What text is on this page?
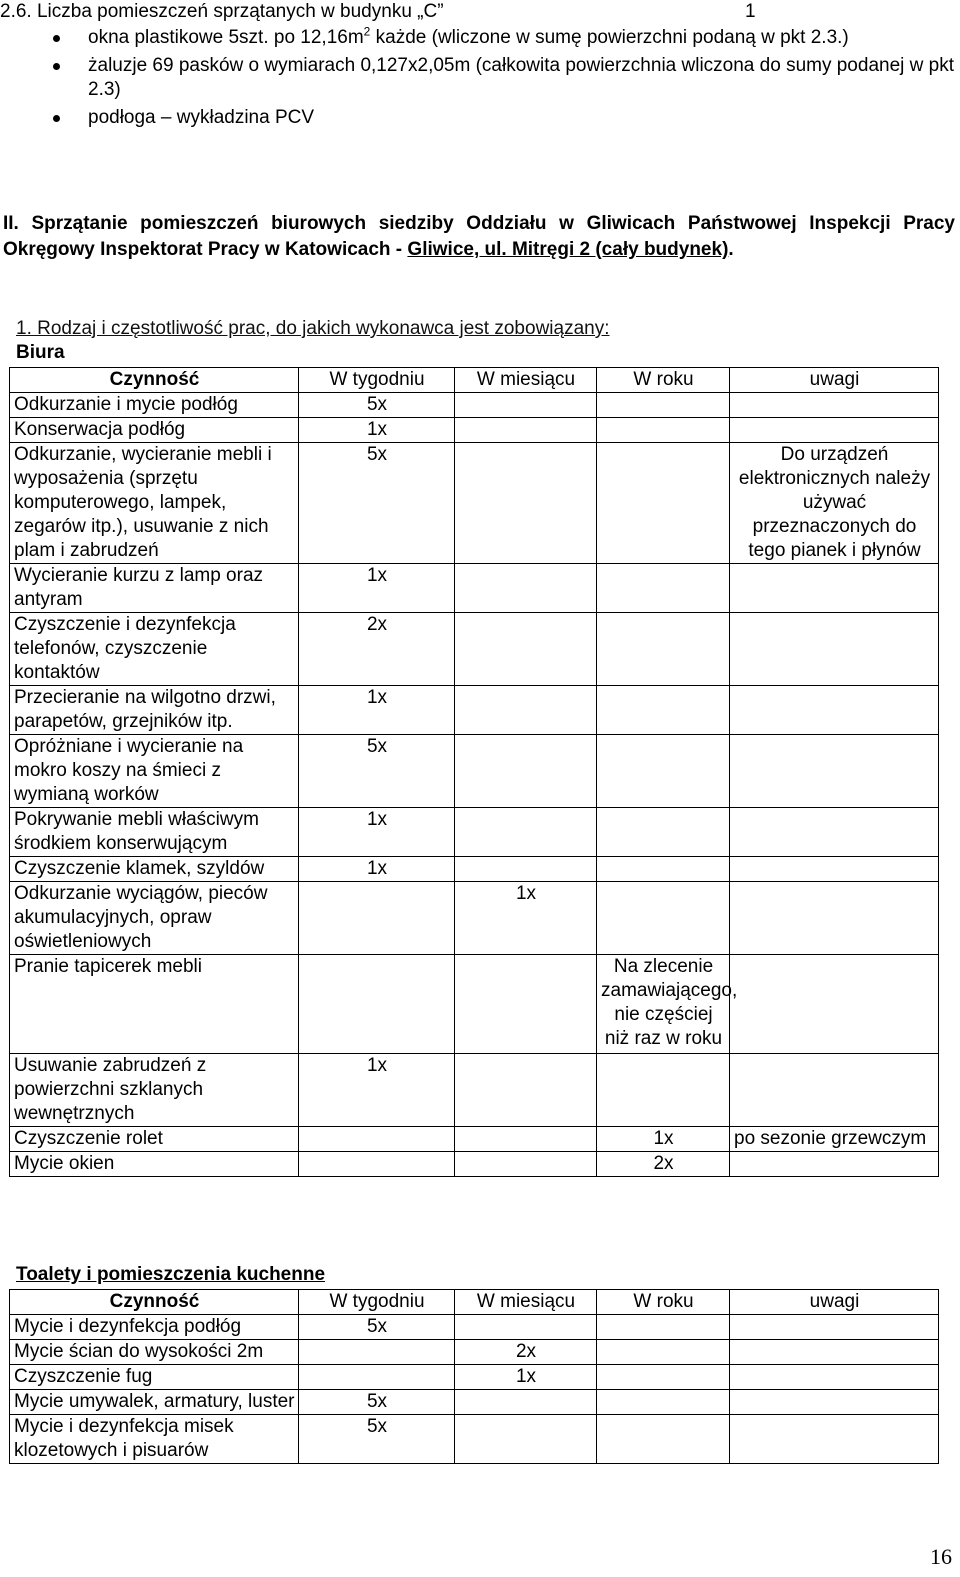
2.6. Liczba pomieszczeń sprzątanych w budynku „C”	1

okna plastikowe 5szt. po $12,16m^2$ każde (wliczone w sumę powierzchni podaną w pkt 2.3.)

żaluzje 69 pasków o wymiarach 0,127x2,05m (całkowita powierzchnia wliczona do sumy podanej w pkt 2.3)

podłoga – wykładzina PCV

II. Sprzątanie pomieszczeń biurowych siedziby Oddziału w Gliwicach Państwowej Inspekcji Pracy Okręgowy Inspektorat Pracy w Katowicach - Gliwice, ul. Mitręgi 2 (cały budynek).
1. Rodzaj i częstotliwość prac, do jakich wykonawca jest zobowiązany:
Biura
Czynność	W tygodniu	W miesiącu	W roku	uwagi
Odkurzanie i mycie podłóg	5x			
Konserwacja podłóg	1x			
Odkurzanie, wycieranie mebli i wyposażenia (sprzętu komputerowego, lampek, zegarów itp.), usuwanie z nich plam i zabrudzeń	5x			Do urządzeń elektronicznych należy używać przeznaczonych do tego pianek i płynów
Wycieranie kurzu z lamp oraz antyram	1x			
Czyszczenie i dezynfekcja telefonów, czyszczenie kontaktów	2x			
Przecieranie na wilgotno drzwi, parapetów, grzejników itp.	1x			
Opróżniane i wycieranie na mokro koszy na śmieci z wymianą worków	5x			
Pokrywanie mebli właściwym środkiem konserwującym	1x			
Czyszczenie klamek, szyldów	1x			
Odkurzanie wyciągów, pieców akumulacyjnych, opraw oświetleniowych		1x		
Pranie tapicerek mebli			Na zlecenie zamawiającego, nie częściej niż raz w roku	
Usuwanie zabrudzeń z powierzchni szklanych wewnętrznych	1x			
Czyszczenie rolet			1x	po sezonie grzewczym
Mycie okien			2x	
Toalety i pomieszczenia kuchenne
Czynność	W tygodniu	W miesiącu	W roku	uwagi
Mycie i dezynfekcja podłóg	5x			
Mycie ścian do wysokości 2m		2x		
Czyszczenie fug		1x		
Mycie umywalek, armatury, luster	5x			
Mycie i dezynfekcja misek klozetowych i pisuarów	5x			
16
